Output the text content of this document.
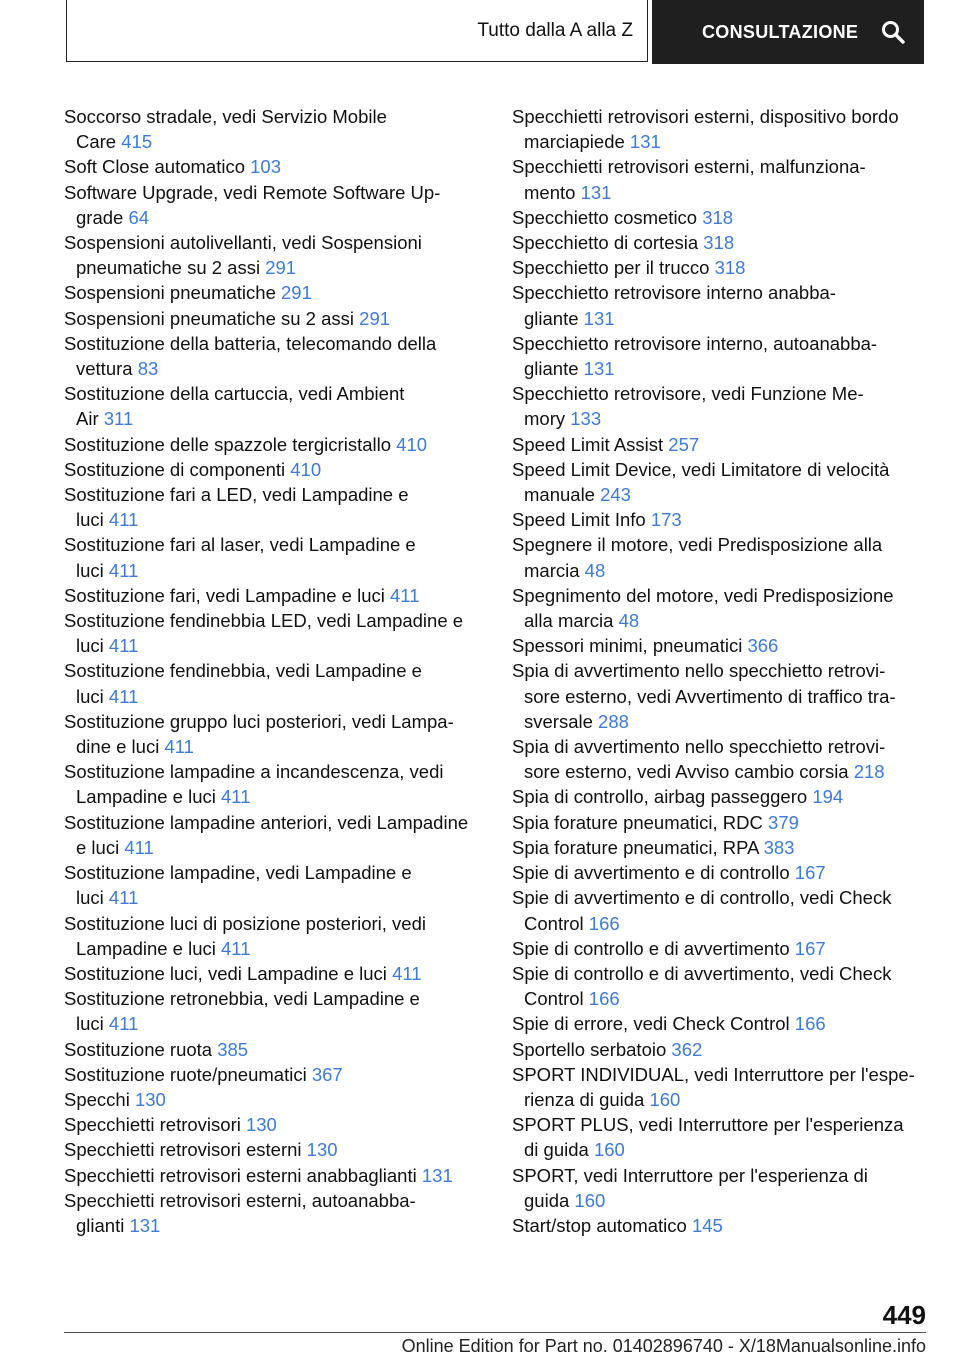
Tutto dalla A alla Z	CONSULTAZIONE
Soccorso stradale, vedi Servizio Mobile
Care 415
Soft Close automatico 103
Software Upgrade, vedi Remote Software Up-
grade 64
Sospensioni autolivellanti, vedi Sospensioni
pneumatiche su 2 assi 291
Sospensioni pneumatiche 291
Sospensioni pneumatiche su 2 assi 291
Sostituzione della batteria, telecomando della
vettura 83
Sostituzione della cartuccia, vedi Ambient
Air 311
Sostituzione delle spazzole tergicristallo 410
Sostituzione di componenti 410
Sostituzione fari a LED, vedi Lampadine e
luci 411
Sostituzione fari al laser, vedi Lampadine e
luci 411
Sostituzione fari, vedi Lampadine e luci 411
Sostituzione fendinebbia LED, vedi Lampadine e
luci 411
Sostituzione fendinebbia, vedi Lampadine e
luci 411
Sostituzione gruppo luci posteriori, vedi Lampa-
dine e luci 411
Sostituzione lampadine a incandescenza, vedi
Lampadine e luci 411
Sostituzione lampadine anteriori, vedi Lampadine
e luci 411
Sostituzione lampadine, vedi Lampadine e
luci 411
Sostituzione luci di posizione posteriori, vedi
Lampadine e luci 411
Sostituzione luci, vedi Lampadine e luci 411
Sostituzione retronebbia, vedi Lampadine e
luci 411
Sostituzione ruota 385
Sostituzione ruote/pneumatici 367
Specchi 130
Specchietti retrovisori 130
Specchietti retrovisori esterni 130
Specchietti retrovisori esterni anabbaglianti 131
Specchietti retrovisori esterni, autoanabba-
glianti 131
Specchietti retrovisori esterni, dispositivo bordo
marciapiede 131
Specchietti retrovisori esterni, malfunziona-
mento 131
Specchietto cosmetico 318
Specchietto di cortesia 318
Specchietto per il trucco 318
Specchietto retrovisore interno anabba-
gliante 131
Specchietto retrovisore interno, autoanabba-
gliante 131
Specchietto retrovisore, vedi Funzione Me-
mory 133
Speed Limit Assist 257
Speed Limit Device, vedi Limitatore di velocità
manuale 243
Speed Limit Info 173
Spegnere il motore, vedi Predisposizione alla
marcia 48
Spegnimento del motore, vedi Predisposizione
alla marcia 48
Spessori minimi, pneumatici 366
Spia di avvertimento nello specchietto retrovi-
sore esterno, vedi Avvertimento di traffico tra-
sversale 288
Spia di avvertimento nello specchietto retrovi-
sore esterno, vedi Avviso cambio corsia 218
Spia di controllo, airbag passeggero 194
Spia forature pneumatici, RDC 379
Spia forature pneumatici, RPA 383
Spie di avvertimento e di controllo 167
Spie di avvertimento e di controllo, vedi Check
Control 166
Spie di controllo e di avvertimento 167
Spie di controllo e di avvertimento, vedi Check
Control 166
Spie di errore, vedi Check Control 166
Sportello serbatoio 362
SPORT INDIVIDUAL, vedi Interruttore per l'espe-
rienza di guida 160
SPORT PLUS, vedi Interruttore per l'esperienza
di guida 160
SPORT, vedi Interruttore per l'esperienza di
guida 160
Start/stop automatico 145
449
Online Edition for Part no. 01402896740 - X/18Manualsonline.info
